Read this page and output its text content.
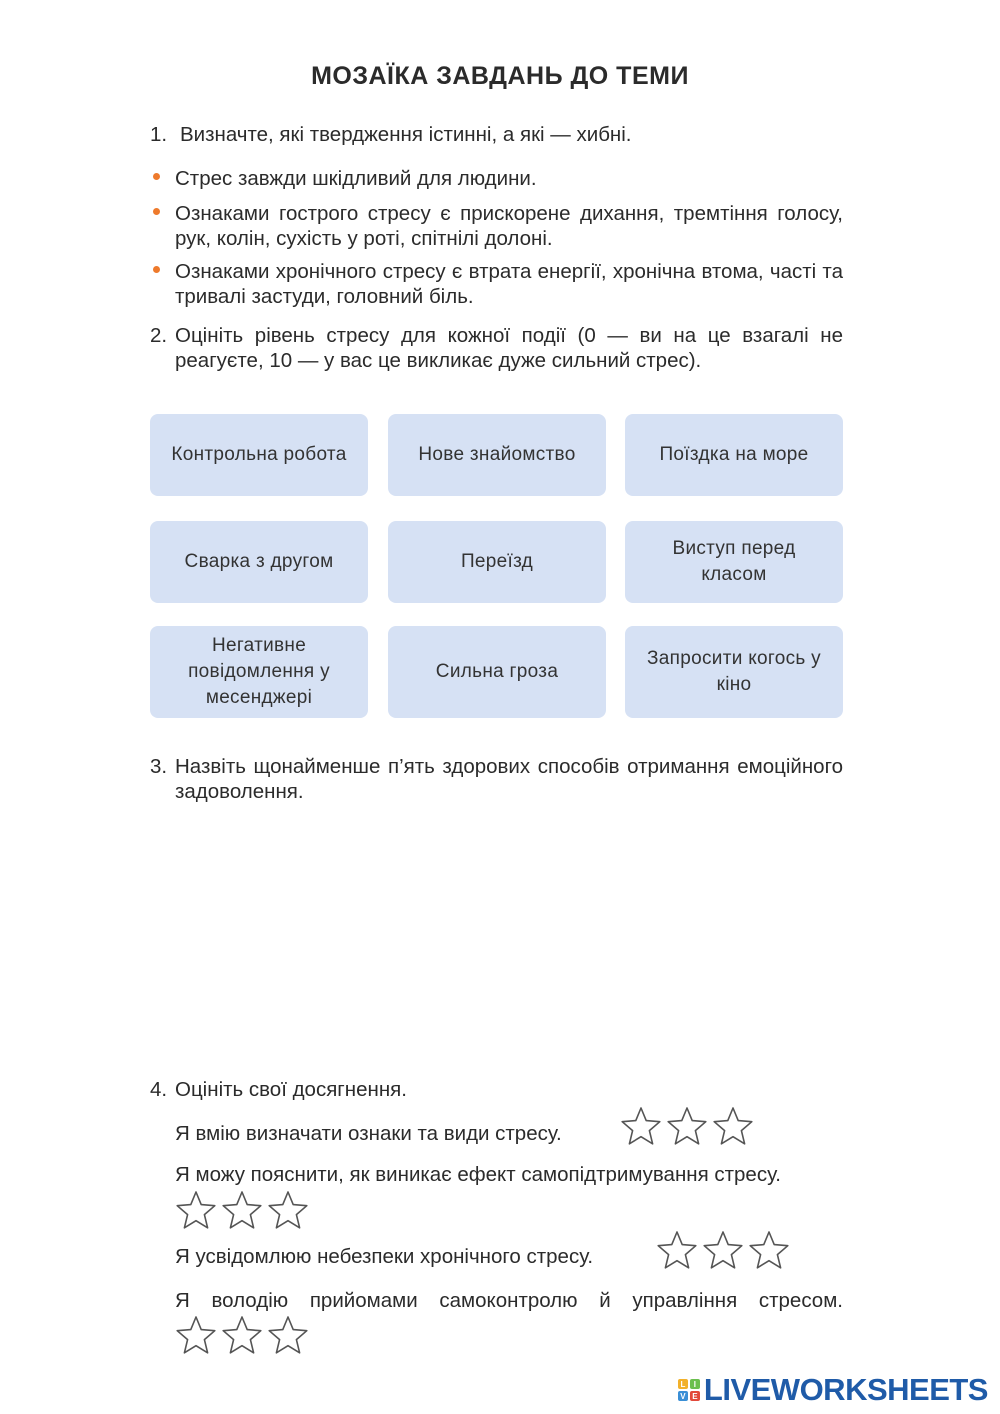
МОЗАЇКА ЗАВДАНЬ ДО ТЕМИ
1. Визначте, які твердження істинні, а які — хибні.
Стрес завжди шкідливий для людини.
Ознаками гострого стресу є прискорене дихання, тремтіння голосу, рук, колін, сухість у роті, спітнілі долоні.
Ознаками хронічного стресу є втрата енергії, хронічна втома, часті та тривалі застуди, головний біль.
2. Оцініть рівень стресу для кожної події (0 — ви на це взагалі не реагуєте, 10 — у вас це викликає дуже сильний стрес).
Контрольна робота	Нове знайомство	Поїздка на море
Сварка з другом	Переїзд
Виступ перед класом
Негативне повідомлення у месенджері
Сильна гроза
Запросити когось у кіно
3. Назвіть щонайменше п’ять здорових способів отримання емоційного задоволення.
4. Оцініть свої досягнення.
Я вмію визначати ознаки та види стресу.
Я можу пояснити, як виникає ефект самопідтримування стресу.
Я усвідомлюю небезпеки хронічного стресу.
Я володію прийомами самоконтролю й управління стресом.
L	I
V E LIVEWORKSHEETS
